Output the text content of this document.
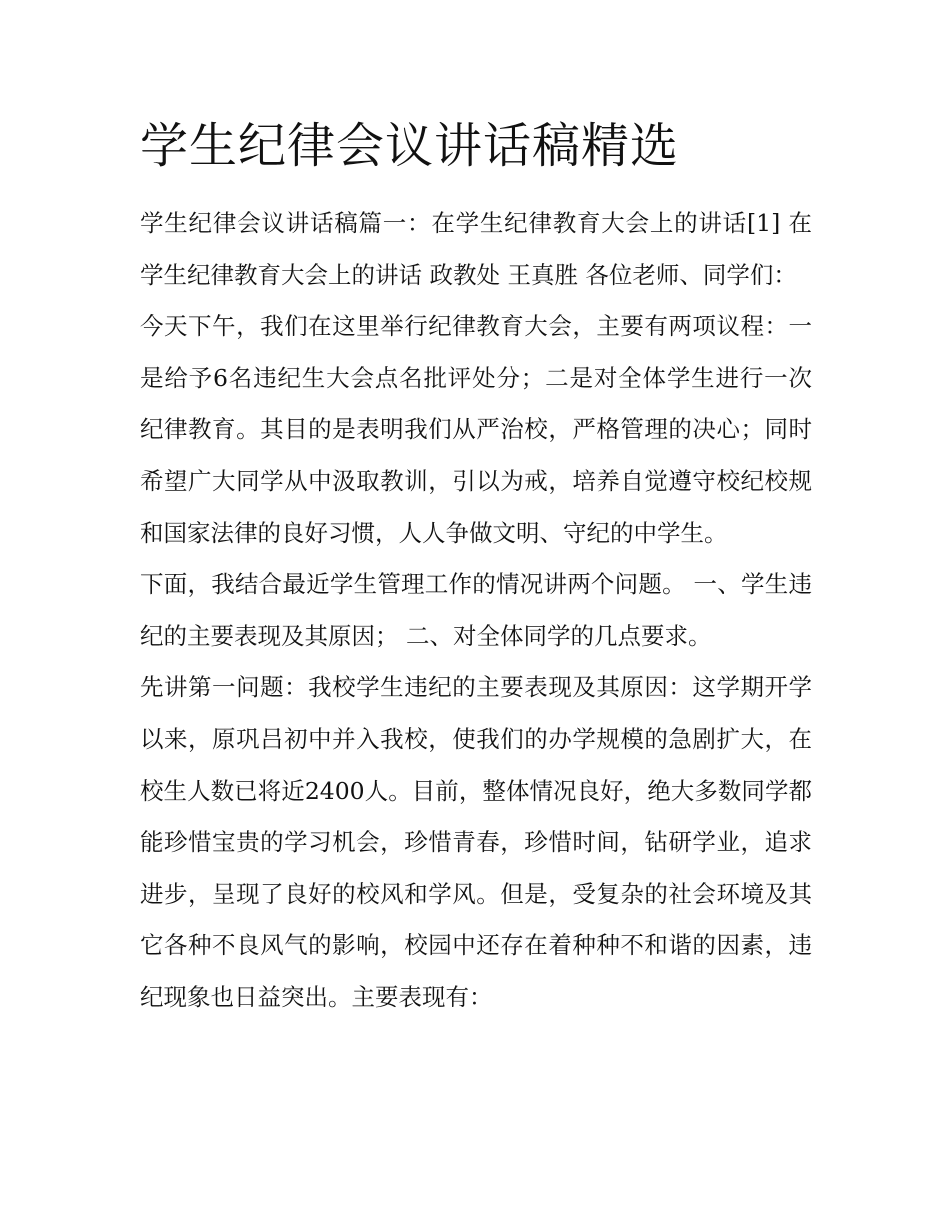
学生纪律会议讲话稿精选

学生纪律会议讲话稿篇一：在学生纪律教育大会上的讲话[1] 在学生纪律教育大会上的讲话 政教处 王真胜 各位老师、同学们：

今天下午，我们在这里举行纪律教育大会，主要有两项议程：一是给予6名违纪生大会点名批评处分；二是对全体学生进行一次纪律教育。其目的是表明我们从严治校，严格管理的决心；同时希望广大同学从中汲取教训，引以为戒，培养自觉遵守校纪校规和国家法律的良好习惯，人人争做文明、守纪的中学生。

下面，我结合最近学生管理工作的情况讲两个问题。 一、学生违纪的主要表现及其原因； 二、对全体同学的几点要求。

先讲第一问题：我校学生违纪的主要表现及其原因：这学期开学以来，原巩吕初中并入我校，使我们的办学规模的急剧扩大，在校生人数已将近2400人。目前，整体情况良好，绝大多数同学都能珍惜宝贵的学习机会，珍惜青春，珍惜时间，钻研学业，追求进步，呈现了良好的校风和学风。但是，受复杂的社会环境及其它各种不良风气的影响，校园中还存在着种种不和谐的因素，违纪现象也日益突出。主要表现有：
